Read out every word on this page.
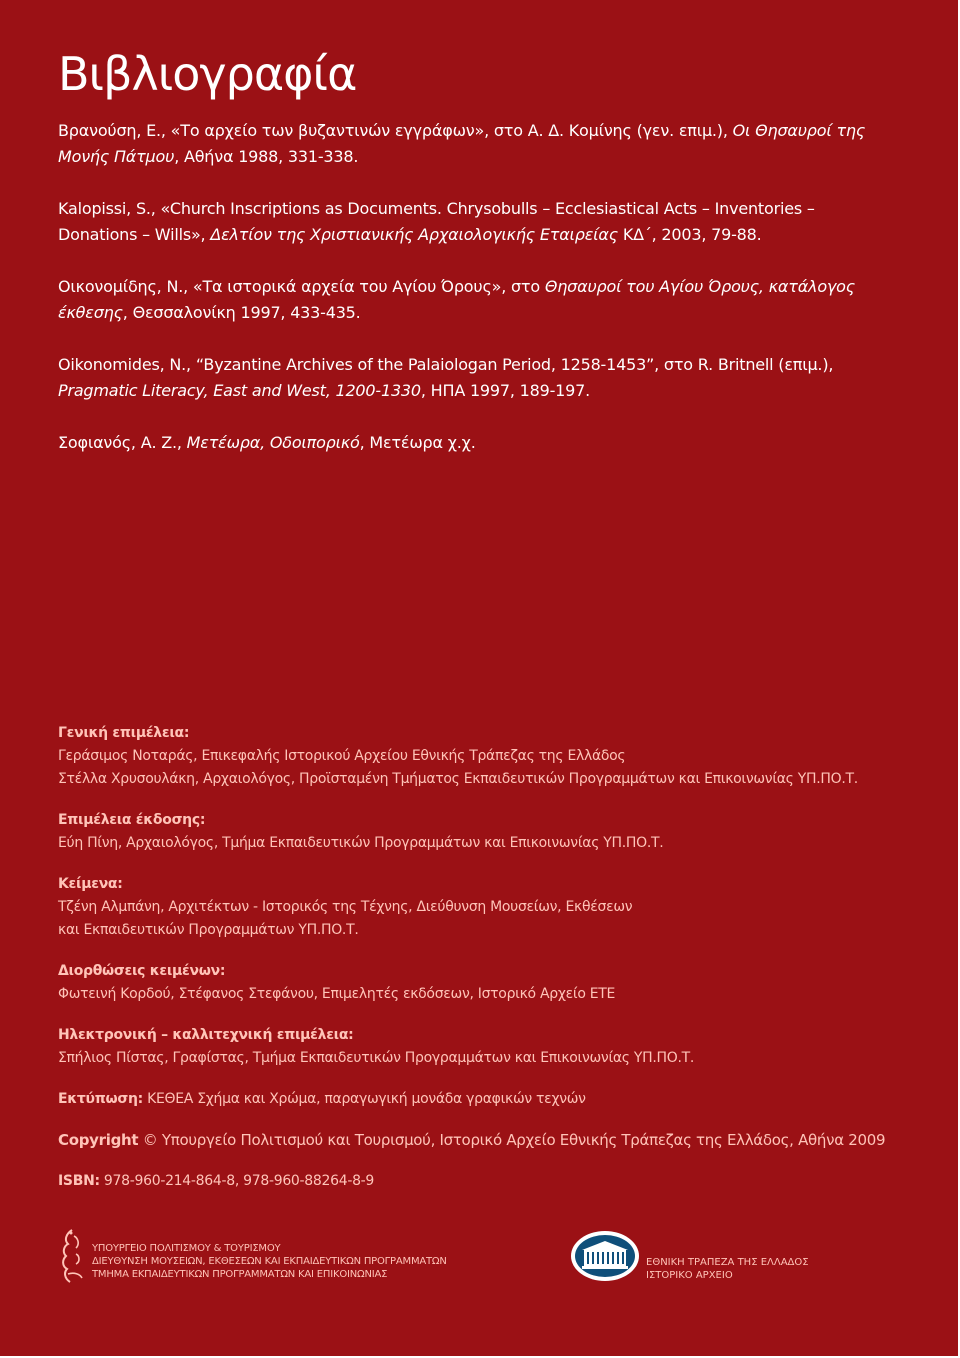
Βιβλιογραφία

Βρανούση, Ε., «Το αρχείο των βυζαντινών εγγράφων», στο Α. Δ. Κομίνης (γεν. επιμ.), Οι Θησαυροί της

Μονής Πάτμου, Αθήνα 1988, 331-338.

Kalopissi, S., «Church Inscriptions as Documents. Chrysobulls – Ecclesiastical Acts – Inventories –

Donations – Wills», Δελτίον της Χριστιανικής Αρχαιολογικής Εταιρείας ΚΔ΄, 2003, 79-88.

Οικονομίδης, Ν., «Τα ιστορικά αρχεία του Αγίου Όρους», στο Θησαυροί του Αγίου Όρους, κατάλογος

έκθεσης, Θεσσαλονίκη 1997, 433-435.

Oikonomides, N., “Byzantine Archives of the Palaiologan Period, 1258-1453”, στο R. Britnell (επιμ.),

Pragmatic Literacy, East and West, 1200-1330, ΗΠΑ 1997, 189-197.

Σοφιανός, Α. Ζ., Μετέωρα, Οδοιπορικό, Μετέωρα χ.χ.

Γενική επιμέλεια:

Γεράσιμος Νοταράς, Επικεφαλής Ιστορικού Αρχείου Εθνικής Τράπεζας της Ελλάδος

Στέλλα Χρυσουλάκη, Αρχαιολόγος, Προϊσταμένη Τμήματος Εκπαιδευτικών Προγραμμάτων και Επικοινωνίας ΥΠ.ΠΟ.Τ.

Επιμέλεια έκδοσης:

Εύη Πίνη, Αρχαιολόγος, Τμήμα Εκπαιδευτικών Προγραμμάτων και Επικοινωνίας ΥΠ.ΠΟ.Τ.

Κείμενα:

Τζένη Αλμπάνη, Αρχιτέκτων - Ιστορικός της Τέχνης, Διεύθυνση Μουσείων, Εκθέσεων

και Εκπαιδευτικών Προγραμμάτων ΥΠ.ΠΟ.Τ.

Διορθώσεις κειμένων:

Φωτεινή Κορδού, Στέφανος Στεφάνου, Επιμελητές εκδόσεων, Ιστορικό Αρχείο ΕΤΕ

Ηλεκτρονική – καλλιτεχνική επιμέλεια:

Σπήλιος Πίστας, Γραφίστας, Τμήμα Εκπαιδευτικών Προγραμμάτων και Επικοινωνίας ΥΠ.ΠΟ.Τ.

Εκτύπωση: ΚΕΘΕΑ Σχήμα και Χρώμα, παραγωγική μονάδα γραφικών τεχνών

Copyright © Υπουργείο Πολιτισμού και Τουρισμού, Ιστορικό Αρχείο Εθνικής Τράπεζας της Ελλάδος, Αθήνα 2009

ISBN: 978-960-214-864-8, 978-960-88264-8-9

ΥΠΟΥΡΓΕΙΟ ΠΟΛΙΤΙΣΜΟΥ & ΤΟΥΡΙΣΜΟΥ

ΔΙΕΥΘΥΝΣΗ ΜΟΥΣΕΙΩΝ, ΕΚΘΕΣΕΩΝ ΚΑΙ ΕΚΠΑΙΔΕΥΤΙΚΩΝ ΠΡΟΓΡΑΜΜΑΤΩΝ

ΤΜΗΜΑ ΕΚΠΑΙΔΕΥΤΙΚΩΝ ΠΡΟΓΡΑΜΜΑΤΩΝ ΚΑΙ ΕΠΙΚΟΙΝΩΝΙΑΣ

ΕΘΝΙΚΗ ΤΡΑΠΕΖΑ ΤΗΣ ΕΛΛΑΔΟΣ

ΙΣΤΟΡΙΚΟ ΑΡΧΕΙΟ
